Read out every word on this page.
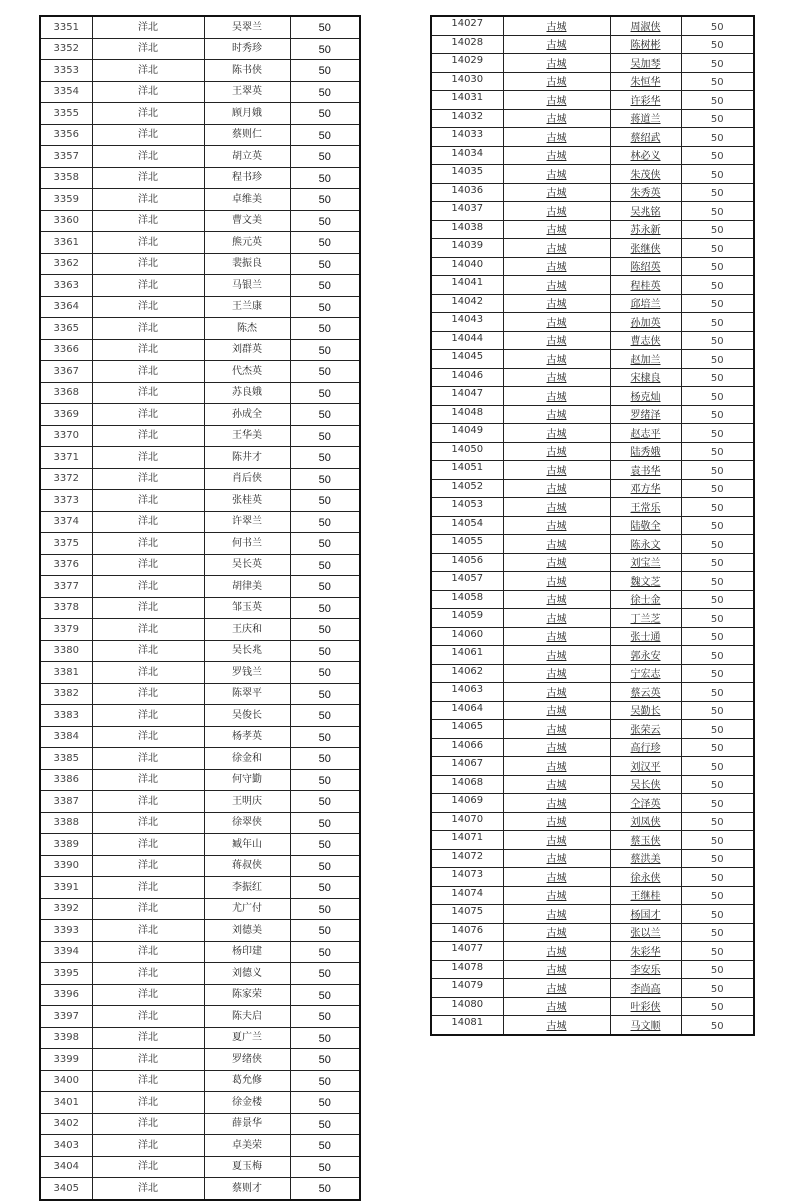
3351	洋北	吴翠兰	50
3352	洋北	时秀珍	50
3353	洋北	陈书侠	50
3354	洋北	王翠英	50
3355	洋北	顾月娥	50
3356	洋北	蔡则仁	50
3357	洋北	胡立英	50
3358	洋北	程书珍	50
3359	洋北	卓维美	50
3360	洋北	曹文美	50
3361	洋北	熊元英	50
3362	洋北	裴振良	50
3363	洋北	马银兰	50
3364	洋北	王兰康	50
3365	洋北	陈杰	50
3366	洋北	刘群英	50
3367	洋北	代杰英	50
3368	洋北	苏良娥	50
3369	洋北	孙成全	50
3370	洋北	王华美	50
3371	洋北	陈井才	50
3372	洋北	肖后侠	50
3373	洋北	张桂英	50
3374	洋北	许翠兰	50
3375	洋北	何书兰	50
3376	洋北	吴长英	50
3377	洋北	胡律美	50
3378	洋北	邹玉英	50
3379	洋北	王庆和	50
3380	洋北	吴长兆	50
3381	洋北	罗钱兰	50
3382	洋北	陈翠平	50
3383	洋北	吴俊长	50
3384	洋北	杨孝英	50
3385	洋北	徐金和	50
3386	洋北	何守勤	50
3387	洋北	王明庆	50
3388	洋北	徐翠侠	50
3389	洋北	臧年山	50
3390	洋北	蒋叔侠	50
3391	洋北	李振红	50
3392	洋北	尤广付	50
3393	洋北	刘德美	50
3394	洋北	杨印建	50
3395	洋北	刘德义	50
3396	洋北	陈家荣	50
3397	洋北	陈夫启	50
3398	洋北	夏广兰	50
3399	洋北	罗绪侠	50
3400	洋北	葛允修	50
3401	洋北	徐金楼	50
3402	洋北	薛景华	50
3403	洋北	卓美荣	50
3404	洋北	夏玉梅	50
3405	洋北	蔡则才	50
14027	古城	周淑侠	50
14028	古城	陈树彬	50
14029	古城	吴加琴	50
14030	古城	朱恒华	50
14031	古城	许彩华	50
14032	古城	蒋道兰	50
14033	古城	蔡绍武	50
14034	古城	林必义	50
14035	古城	朱茂侠	50
14036	古城	朱秀英	50
14037	古城	吴兆铭	50
14038	古城	苏永新	50
14039	古城	张继侠	50
14040	古城	陈绍英	50
14041	古城	程桂英	50
14042	古城	邱培兰	50
14043	古城	孙加英	50
14044	古城	曹志侠	50
14045	古城	赵加兰	50
14046	古城	宋棣良	50
14047	古城	杨克灿	50
14048	古城	罗绪泽	50
14049	古城	赵志平	50
14050	古城	陆秀娥	50
14051	古城	袁书华	50
14052	古城	邓方华	50
14053	古城	王常乐	50
14054	古城	陆敬全	50
14055	古城	陈永文	50
14056	古城	刘宝兰	50
14057	古城	魏文芝	50
14058	古城	徐士金	50
14059	古城	丁兰芝	50
14060	古城	张士通	50
14061	古城	郭永安	50
14062	古城	宁宏志	50
14063	古城	蔡云英	50
14064	古城	吴勤长	50
14065	古城	张荣云	50
14066	古城	高行珍	50
14067	古城	刘汉平	50
14068	古城	吴长侠	50
14069	古城	仝泽英	50
14070	古城	刘凤侠	50
14071	古城	蔡玉侠	50
14072	古城	蔡洪美	50
14073	古城	徐永侠	50
14074	古城	王继桂	50
14075	古城	杨国才	50
14076	古城	张以兰	50
14077	古城	朱彩华	50
14078	古城	李安乐	50
14079	古城	李尚高	50
14080	古城	叶彩侠	50
14081	古城	马文顺	50
